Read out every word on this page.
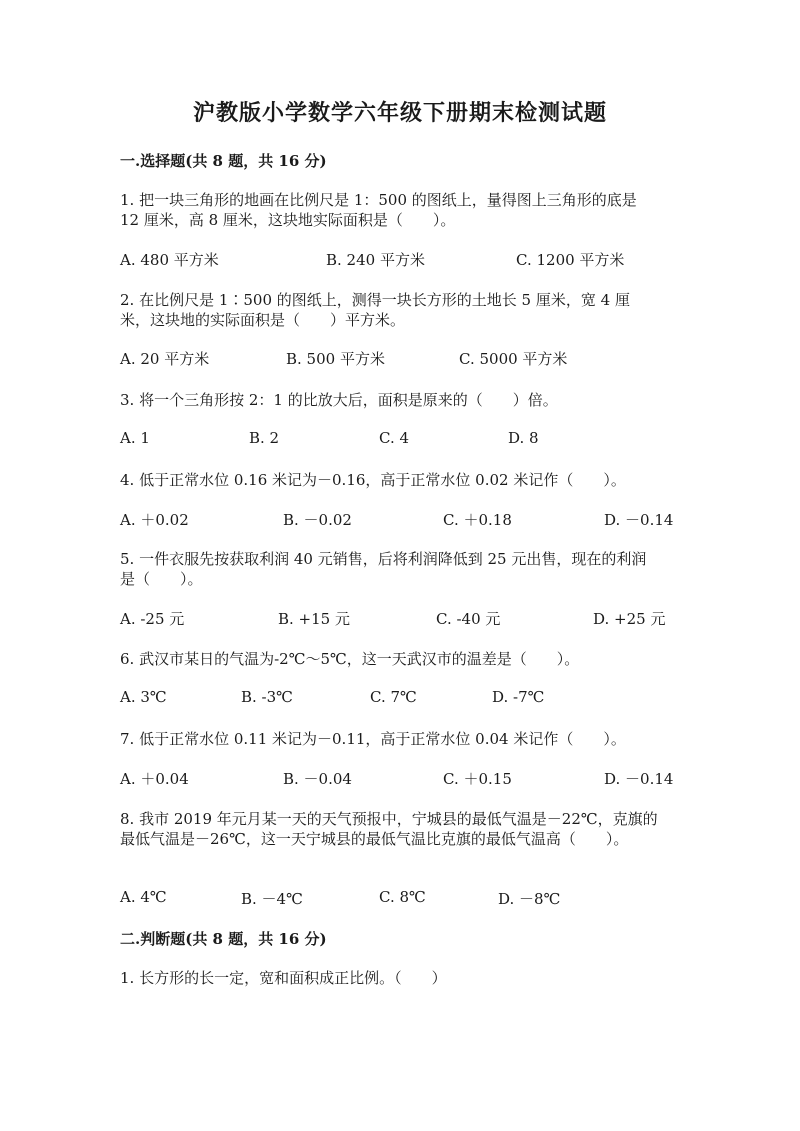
沪教版小学数学六年级下册期末检测试题
一.选择题(共 8 题，共 16 分)
1. 把一块三角形的地画在比例尺是 1：500 的图纸上，量得图上三角形的底是
12 厘米，高 8 厘米，这块地实际面积是（　　）。
A. 480 平方米	B. 240 平方米	C. 1200 平方米
2. 在比例尺是 1∶500 的图纸上，测得一块长方形的土地长 5 厘米，宽 4 厘
米，这块地的实际面积是（　　）平方米。
A. 20 平方米	B. 500 平方米	C. 5000 平方米
3. 将一个三角形按 2：1 的比放大后，面积是原来的（　　）倍。
A. 1	B. 2	C. 4	D. 8
4. 低于正常水位 0.16 米记为－0.16，高于正常水位 0.02 米记作（　　）。
A. ＋0.02	B. －0.02	C. ＋0.18	D. －0.14
5. 一件衣服先按获取利润 40 元销售，后将利润降低到 25 元出售，现在的利润
是（　　）。
A. -25 元	B. +15 元	C. -40 元	D. +25 元
6. 武汉市某日的气温为-2℃～5℃，这一天武汉市的温差是（　　）。
A. 3℃	B. -3℃	C. 7℃	D. -7℃
7. 低于正常水位 0.11 米记为－0.11，高于正常水位 0.04 米记作（　　）。
A. ＋0.04	B. －0.04	C. ＋0.15	D. －0.14
8. 我市 2019 年元月某一天的天气预报中，宁城县的最低气温是－22℃，克旗的
最低气温是－26℃，这一天宁城县的最低气温比克旗的最低气温高（　　）。
A. 4℃	B. －4℃	C. 8℃	D. －8℃
二.判断题(共 8 题，共 16 分)
1. 长方形的长一定，宽和面积成正比例。（　　）
